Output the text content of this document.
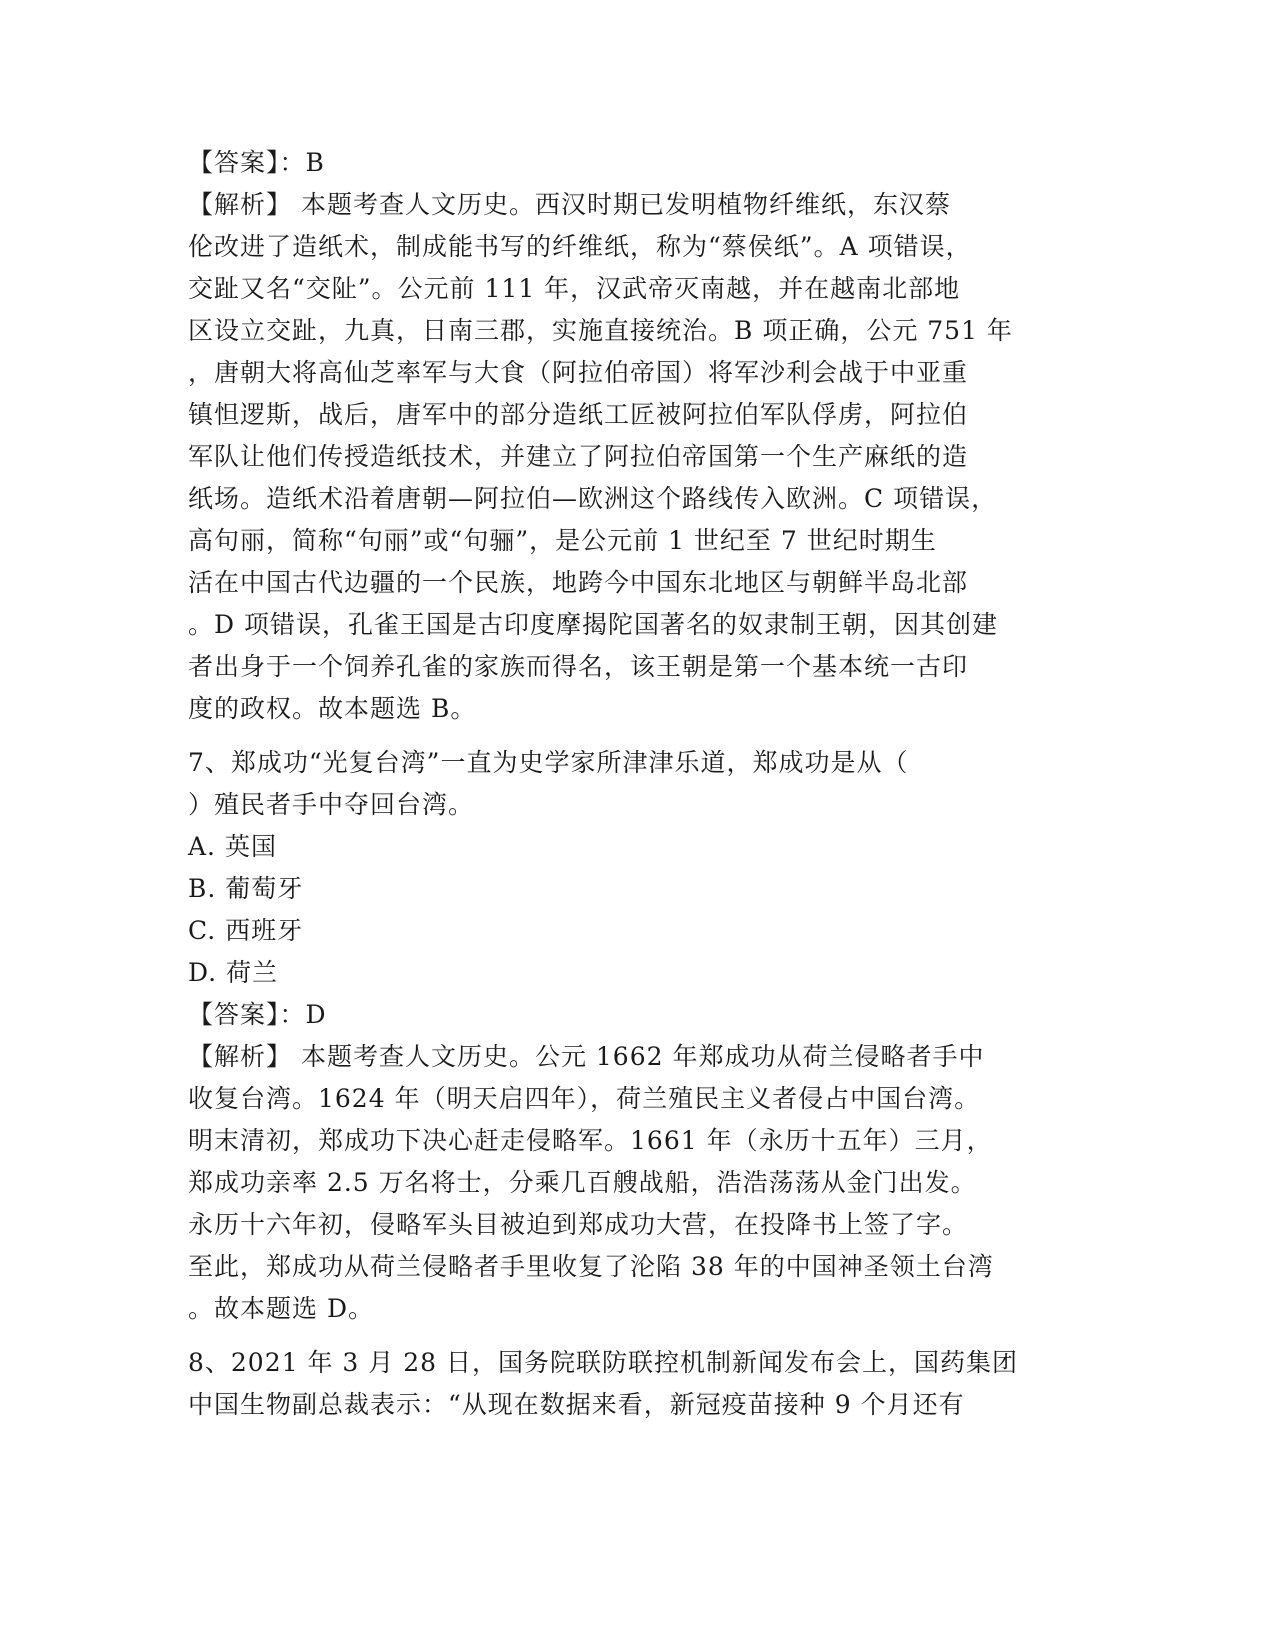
【答案】：B
【解析】 本题考查人文历史。西汉时期已发明植物纤维纸，东汉蔡
伦改进了造纸术，制成能书写的纤维纸，称为“蔡侯纸”。A 项错误，
交趾又名“交阯”。公元前 111 年，汉武帝灭南越，并在越南北部地
区设立交趾，九真，日南三郡，实施直接统治。B 项正确，公元 751 年
，唐朝大将高仙芝率军与大食（阿拉伯帝国）将军沙利会战于中亚重
镇怛逻斯，战后，唐军中的部分造纸工匠被阿拉伯军队俘虏，阿拉伯
军队让他们传授造纸技术，并建立了阿拉伯帝国第一个生产麻纸的造
纸场。造纸术沿着唐朝—阿拉伯—欧洲这个路线传入欧洲。C 项错误，
高句丽，简称“句丽”或“句骊”，是公元前 1 世纪至 7 世纪时期生
活在中国古代边疆的一个民族，地跨今中国东北地区与朝鲜半岛北部
。D 项错误，孔雀王国是古印度摩揭陀国著名的奴隶制王朝，因其创建
者出身于一个饲养孔雀的家族而得名，该王朝是第一个基本统一古印
度的政权。故本题选 B。
7、郑成功“光复台湾”一直为史学家所津津乐道，郑成功是从（
）殖民者手中夺回台湾。
A. 英国
B. 葡萄牙
C. 西班牙
D. 荷兰
【答案】：D
【解析】 本题考查人文历史。公元 1662 年郑成功从荷兰侵略者手中
收复台湾。1624 年（明天启四年），荷兰殖民主义者侵占中国台湾。
明末清初，郑成功下决心赶走侵略军。1661 年（永历十五年）三月，
郑成功亲率 2.5 万名将士，分乘几百艘战船，浩浩荡荡从金门出发。
永历十六年初，侵略军头目被迫到郑成功大营，在投降书上签了字。
至此，郑成功从荷兰侵略者手里收复了沦陷 38 年的中国神圣领土台湾
。故本题选 D。
8、2021 年 3 月 28 日，国务院联防联控机制新闻发布会上，国药集团
中国生物副总裁表示：“从现在数据来看，新冠疫苗接种 9 个月还有
